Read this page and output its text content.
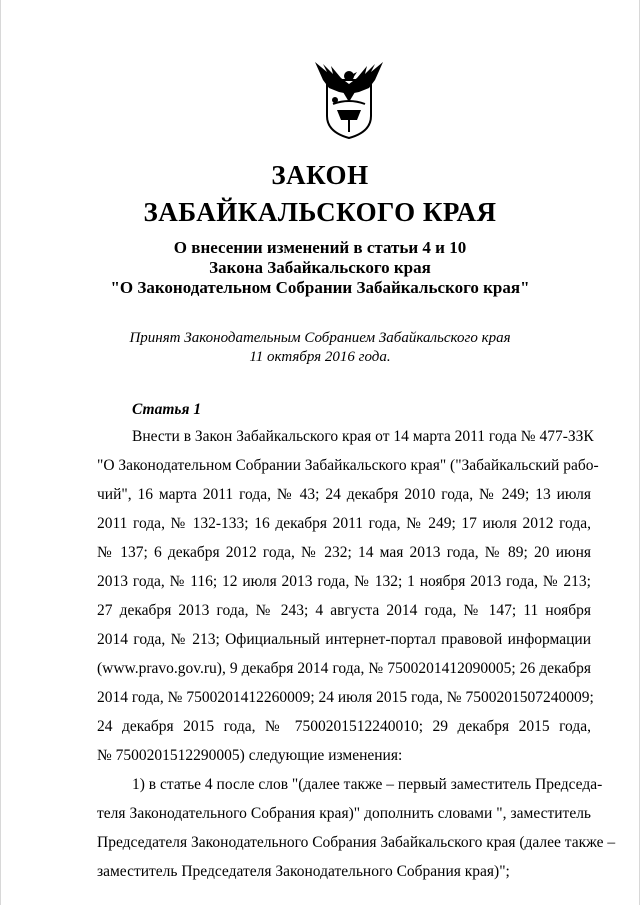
ЗАКОН
ЗАБАЙКАЛЬСКОГО КРАЯ
О внесении изменений в статьи 4 и 10
Закона Забайкальского края
"О Законодательном Собрании Забайкальского края"
Принят Законодательным Собранием Забайкальского края
11 октября 2016 года.
Статья 1
Внести в Закон Забайкальского края от 14 марта 2011 года № 477-ЗЗК
"О Законодательном Собрании Забайкальского края" ("Забайкальский рабо-
чий", 16 марта 2011 года, № 43; 24 декабря 2010 года, № 249; 13 июля
2011 года, № 132-133; 16 декабря 2011 года, № 249; 17 июля 2012 года,
№ 137; 6 декабря 2012 года, № 232; 14 мая 2013 года, № 89; 20 июня
2013 года, № 116; 12 июля 2013 года, № 132; 1 ноября 2013 года, № 213;
27 декабря 2013 года, № 243; 4 августа 2014 года, № 147; 11 ноября
2014 года, № 213; Официальный интернет-портал правовой информации
(www.pravo.gov.ru), 9 декабря 2014 года, № 7500201412090005; 26 декабря
2014 года, № 7500201412260009; 24 июля 2015 года, № 7500201507240009;
24 декабря 2015 года, № 7500201512240010; 29 декабря 2015 года,
№ 7500201512290005) следующие изменения:
1) в статье 4 после слов "(далее также – первый заместитель Председа-
теля Законодательного Собрания края)" дополнить словами ", заместитель
Председателя Законодательного Собрания Забайкальского края (далее также –
заместитель Председателя Законодательного Собрания края)";
